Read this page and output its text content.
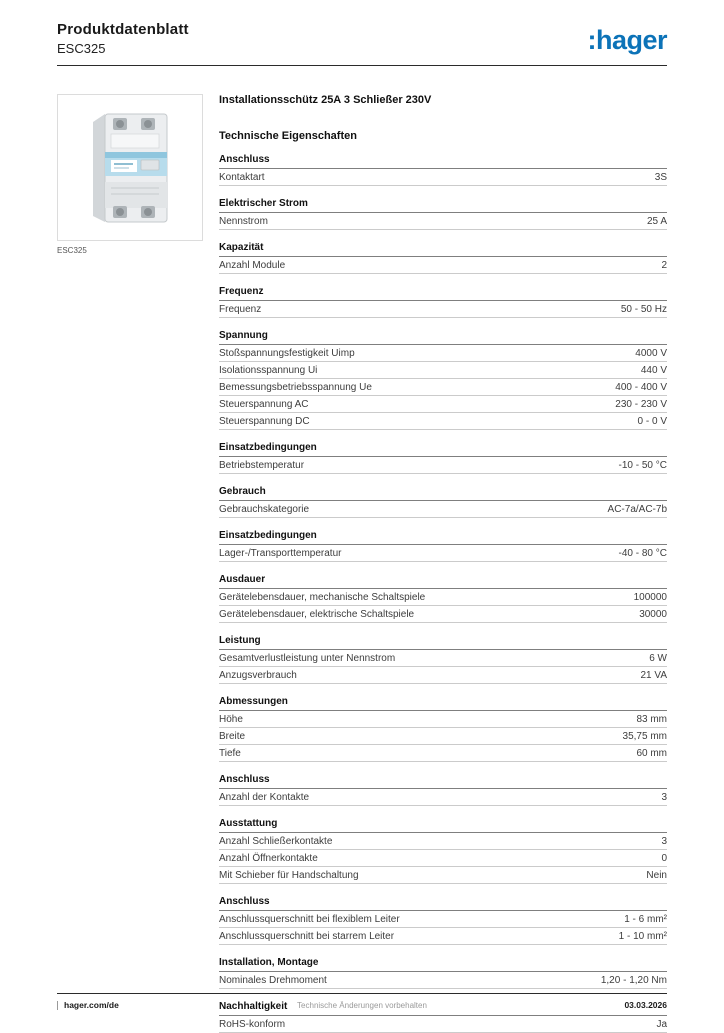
Produktdatenblatt
ESC325	:hager
ESC325
Installationsschütz 25A 3 Schließer 230V
Technische Eigenschaften
Anschluss
Kontaktart	3S
Elektrischer Strom
Nennstrom	25 A
Kapazität
Anzahl Module	2
Frequenz
Frequenz	50 - 50 Hz
Spannung
Stoßspannungsfestigkeit Uimp	4000 V
Isolationsspannung Ui	440 V
Bemessungsbetriebsspannung Ue	400 - 400 V
Steuerspannung AC	230 - 230 V
Steuerspannung DC	0 - 0 V
Einsatzbedingungen
Betriebstemperatur	-10 - 50 °C
Gebrauch
Gebrauchskategorie	AC-7a/AC-7b
Einsatzbedingungen
Lager-/Transporttemperatur	-40 - 80 °C
Ausdauer
Gerätelebensdauer, mechanische Schaltspiele	100000
Gerätelebensdauer, elektrische Schaltspiele	30000
Leistung
Gesamtverlustleistung unter Nennstrom	6 W
Anzugsverbrauch	21 VA
Abmessungen
Höhe	83 mm
Breite	35,75 mm
Tiefe	60 mm
Anschluss
Anzahl der Kontakte	3
Ausstattung
Anzahl Schließerkontakte	3
Anzahl Öffnerkontakte	0
Mit Schieber für Handschaltung	Nein
Anschluss
Anschlussquerschnitt bei flexiblem Leiter	1 - 6 mm²
Anschlussquerschnitt bei starrem Leiter	1 - 10 mm²
Installation, Montage
Nominales Drehmoment	1,20 - 1,20 Nm
Nachhaltigkeit
RoHS-konform	Ja
hager.com/de	Technische Änderungen vorbehalten	03.03.2026
